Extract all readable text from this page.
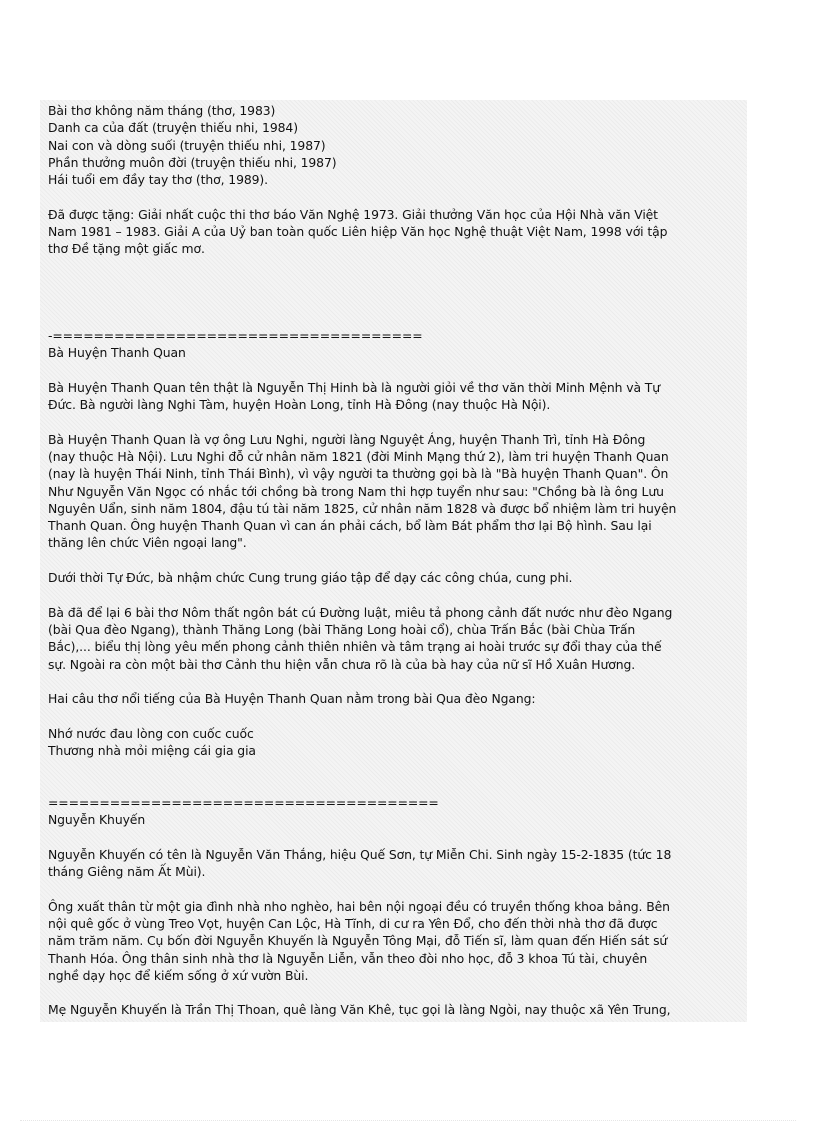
Bài thơ không năm tháng (thơ, 1983)
Danh ca của đất (truyện thiếu nhi, 1984)
Nai con và dòng suối (truyện thiếu nhi, 1987)
Phần thưởng muôn đời (truyện thiếu nhi, 1987)
Hái tuổi em đầy tay thơ (thơ, 1989).
Đã được tặng: Giải nhất cuộc thi thơ báo Văn Nghệ 1973. Giải thưởng Văn học của Hội Nhà văn Việt
Nam 1981 – 1983. Giải A của Uỷ ban toàn quốc Liên hiệp Văn học Nghệ thuật Việt Nam, 1998 với tập
thơ Đề tặng một giấc mơ.
-====================================
Bà Huyện Thanh Quan
Bà Huyện Thanh Quan tên thật là Nguyễn Thị Hinh bà là người giỏi về thơ văn thời Minh Mệnh và Tự
Đức. Bà người làng Nghi Tàm, huyện Hoàn Long, tỉnh Hà Đông (nay thuộc Hà Nội).
Bà Huyện Thanh Quan là vợ ông Lưu Nghi, người làng Nguyệt Áng, huyện Thanh Trì, tỉnh Hà Đông
(nay thuộc Hà Nội). Lưu Nghi đỗ cử nhân năm 1821 (đời Minh Mạng thứ 2), làm tri huyện Thanh Quan
(nay là huyện Thái Ninh, tỉnh Thái Bình), vì vậy người ta thường gọi bà là "Bà huyện Thanh Quan". Ôn
Như Nguyễn Văn Ngọc có nhắc tới chồng bà trong Nam thi hợp tuyển như sau: "Chồng bà là ông Lưu
Nguyên Uẩn, sinh năm 1804, đậu tú tài năm 1825, cử nhân năm 1828 và được bổ nhiệm làm tri huyện
Thanh Quan. Ông huyện Thanh Quan vì can án phải cách, bổ làm Bát phẩm thơ lại Bộ hình. Sau lại
thăng lên chức Viên ngoại lang".
Dưới thời Tự Đức, bà nhậm chức Cung trung giáo tập để dạy các công chúa, cung phi.
Bà đã để lại 6 bài thơ Nôm thất ngôn bát cú Đường luật, miêu tả phong cảnh đất nước như đèo Ngang
(bài Qua đèo Ngang), thành Thăng Long (bài Thăng Long hoài cổ), chùa Trấn Bắc (bài Chùa Trấn
Bắc),... biểu thị lòng yêu mến phong cảnh thiên nhiên và tâm trạng ai hoài trước sự đổi thay của thế
sự. Ngoài ra còn một bài thơ Cảnh thu hiện vẫn chưa rõ là của bà hay của nữ sĩ Hồ Xuân Hương.
Hai câu thơ nổi tiếng của Bà Huyện Thanh Quan nằm trong bài Qua đèo Ngang:
Nhớ nước đau lòng con cuốc cuốc
Thương nhà mỏi miệng cái gia gia
======================================
Nguyễn Khuyến
Nguyễn Khuyến có tên là Nguyễn Văn Thắng, hiệu Quế Sơn, tự Miễn Chi. Sinh ngày 15-2-1835 (tức 18
tháng Giêng năm Ất Mùi).
Ông xuất thân từ một gia đình nhà nho nghèo, hai bên nội ngoại đều có truyền thống khoa bảng. Bên
nội quê gốc ở vùng Treo Vọt, huyện Can Lộc, Hà Tĩnh, di cư ra Yên Đổ, cho đến thời nhà thơ đã được
năm trăm năm. Cụ bốn đời Nguyễn Khuyến là Nguyễn Tông Mại, đỗ Tiến sĩ, làm quan đến Hiến sát sứ
Thanh Hóa. Ông thân sinh nhà thơ là Nguyễn Liễn, vẫn theo đòi nho học, đỗ 3 khoa Tú tài, chuyên
nghề dạy học để kiếm sống ở xứ vườn Bùi.
Mẹ Nguyễn Khuyến là Trần Thị Thoan, quê làng Văn Khê, tục gọi là làng Ngòi, nay thuộc xã Yên Trung,
